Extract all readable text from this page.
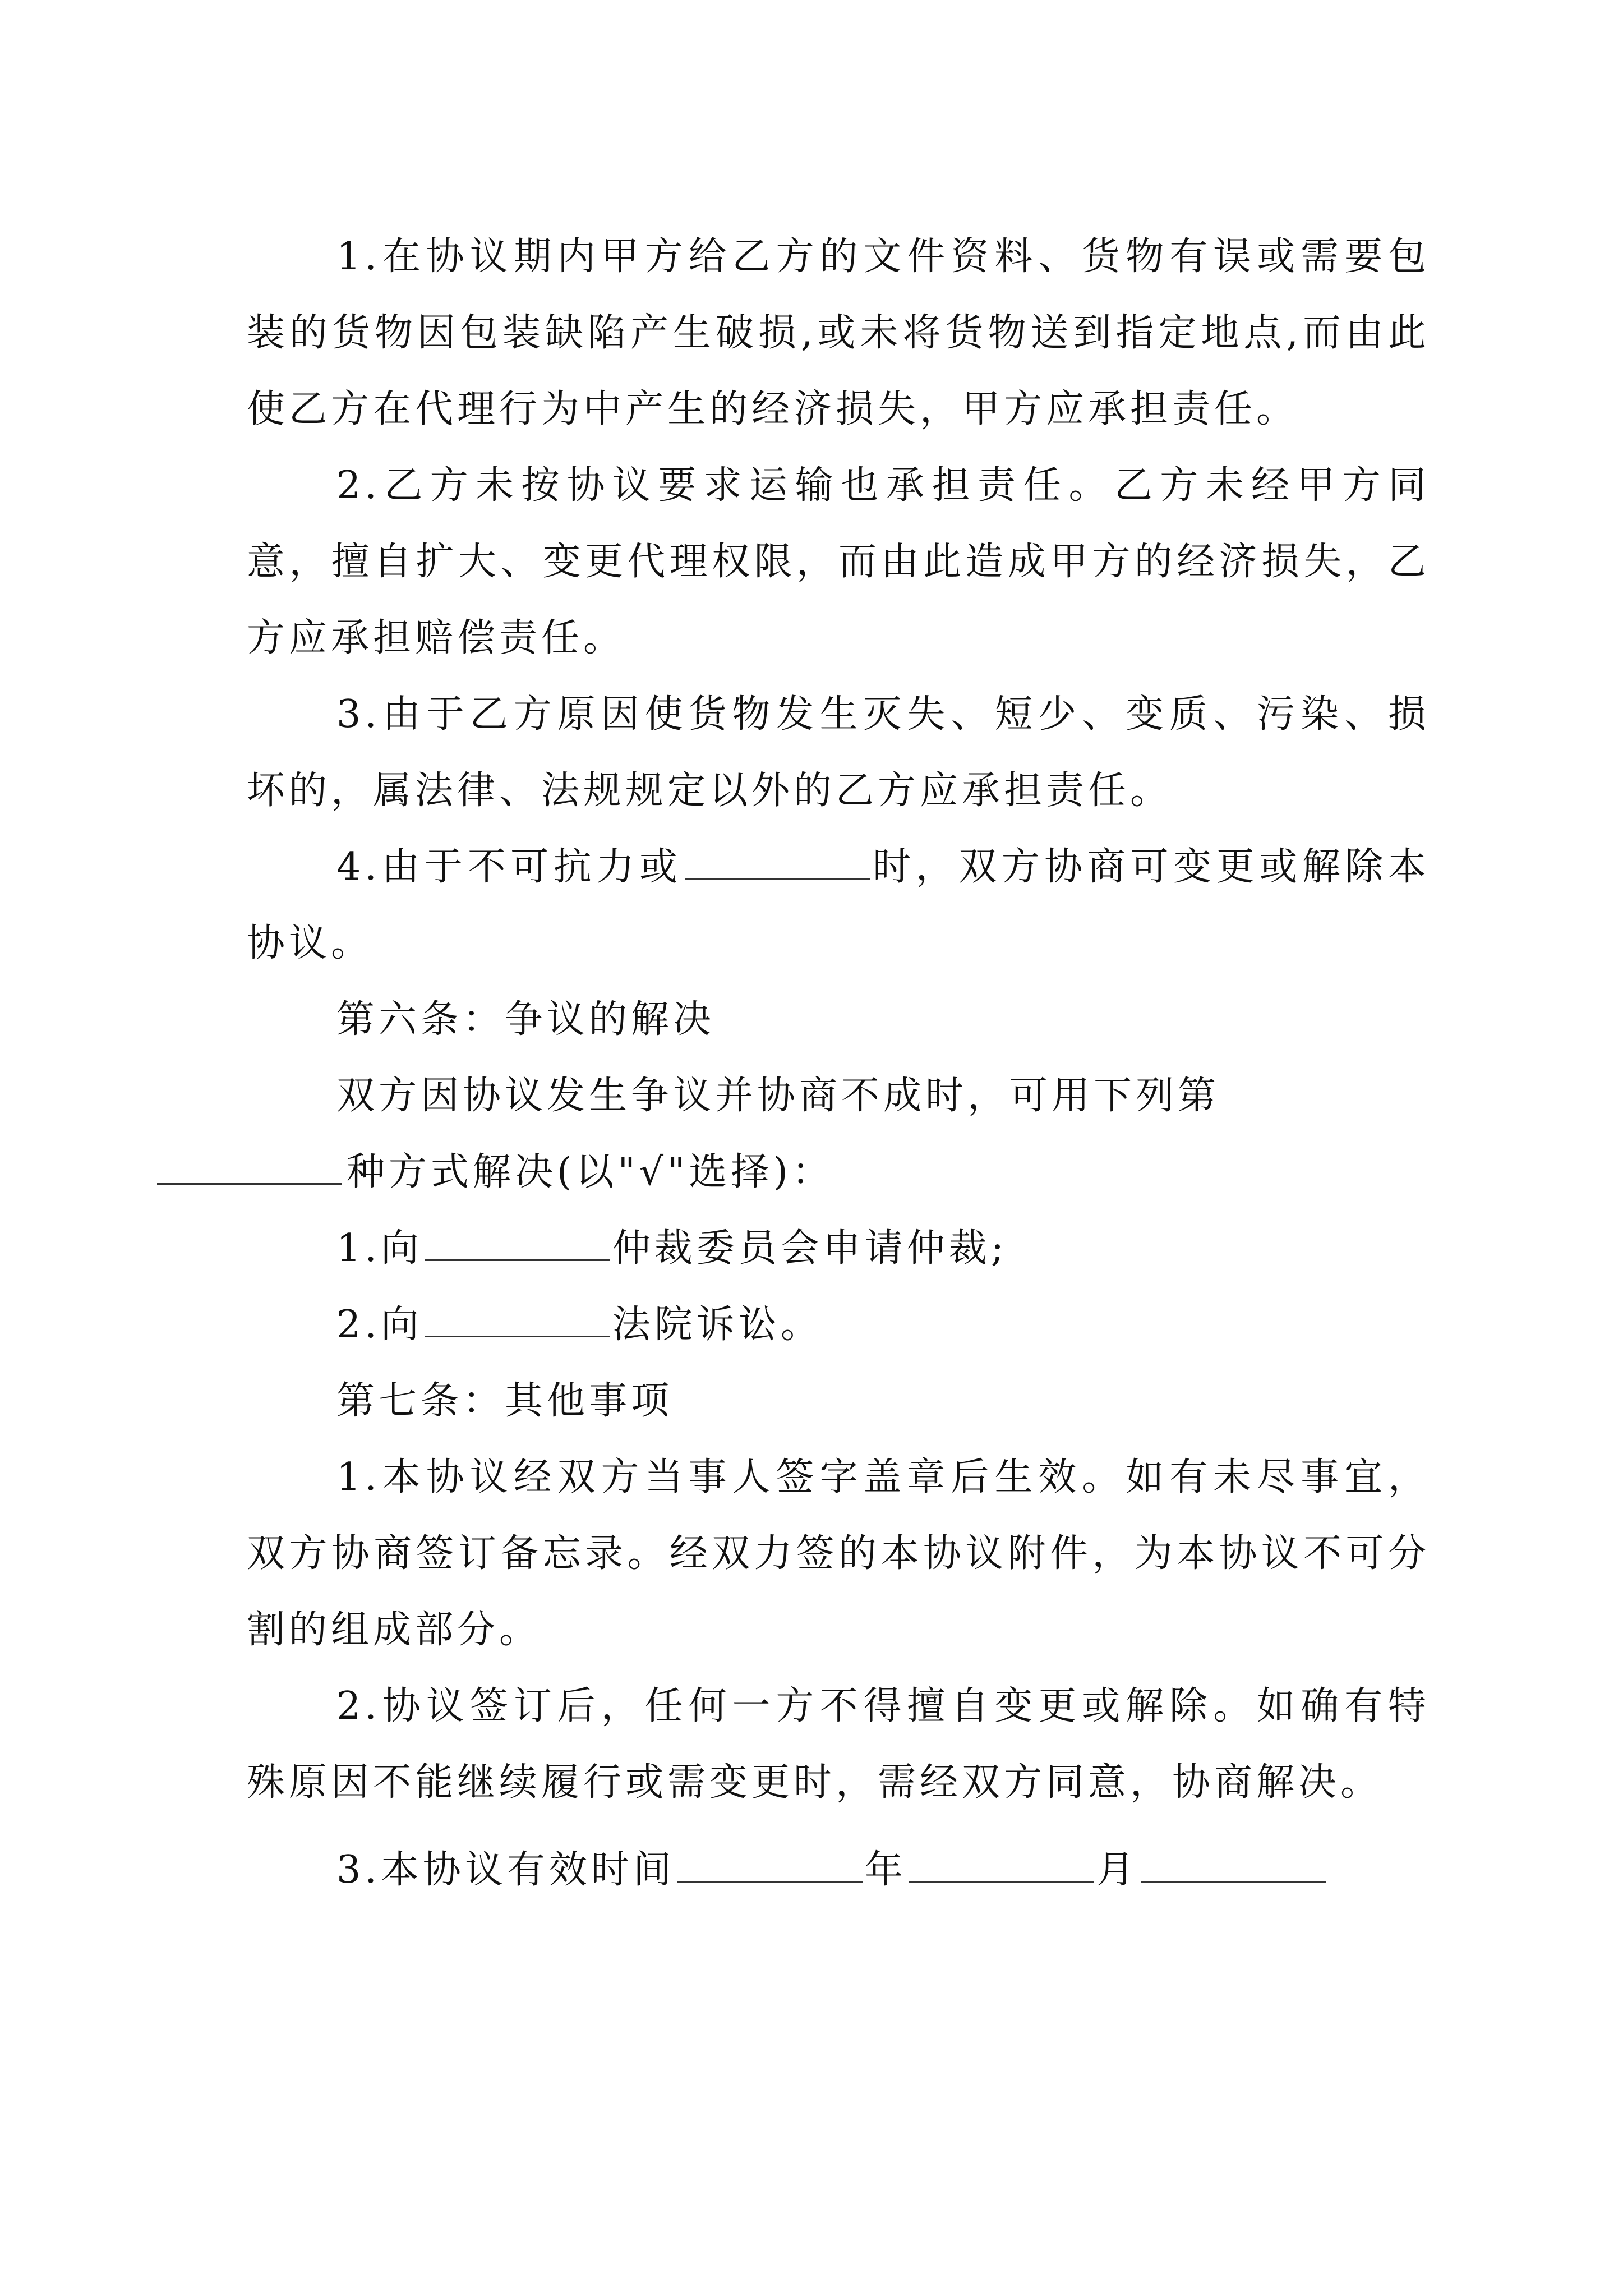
1.在协议期内甲方给乙方的文件资料、货物有误或需要包装的货物因包装缺陷产生破损,或未将货物送到指定地点,而由此使乙方在代理行为中产生的经济损失，甲方应承担责任。

2.乙方未按协议要求运输也承担责任。乙方未经甲方同意，擅自扩大、变更代理权限，而由此造成甲方的经济损失，乙方应承担赔偿责任。

3.由于乙方原因使货物发生灭失、短少、变质、污染、损坏的，属法律、法规规定以外的乙方应承担责任。

4.由于不可抗力或	时，双方协商可变更或解除本协议。

第六条：争议的解决

双方因协议发生争议并协商不成时，可用下列第
种方式解决(以"√"选择)：

1.向	仲裁委员会申请仲裁;

2.向	法院诉讼。

第七条：其他事项

1.本协议经双方当事人签字盖章后生效。如有未尽事宜，双方协商签订备忘录。经双力签的本协议附件，为本协议不可分割的组成部分。

2.协议签订后，任何一方不得擅自变更或解除。如确有特殊原因不能继续履行或需变更时，需经双方同意，协商解决。

3.本协议有效时间	年	月
